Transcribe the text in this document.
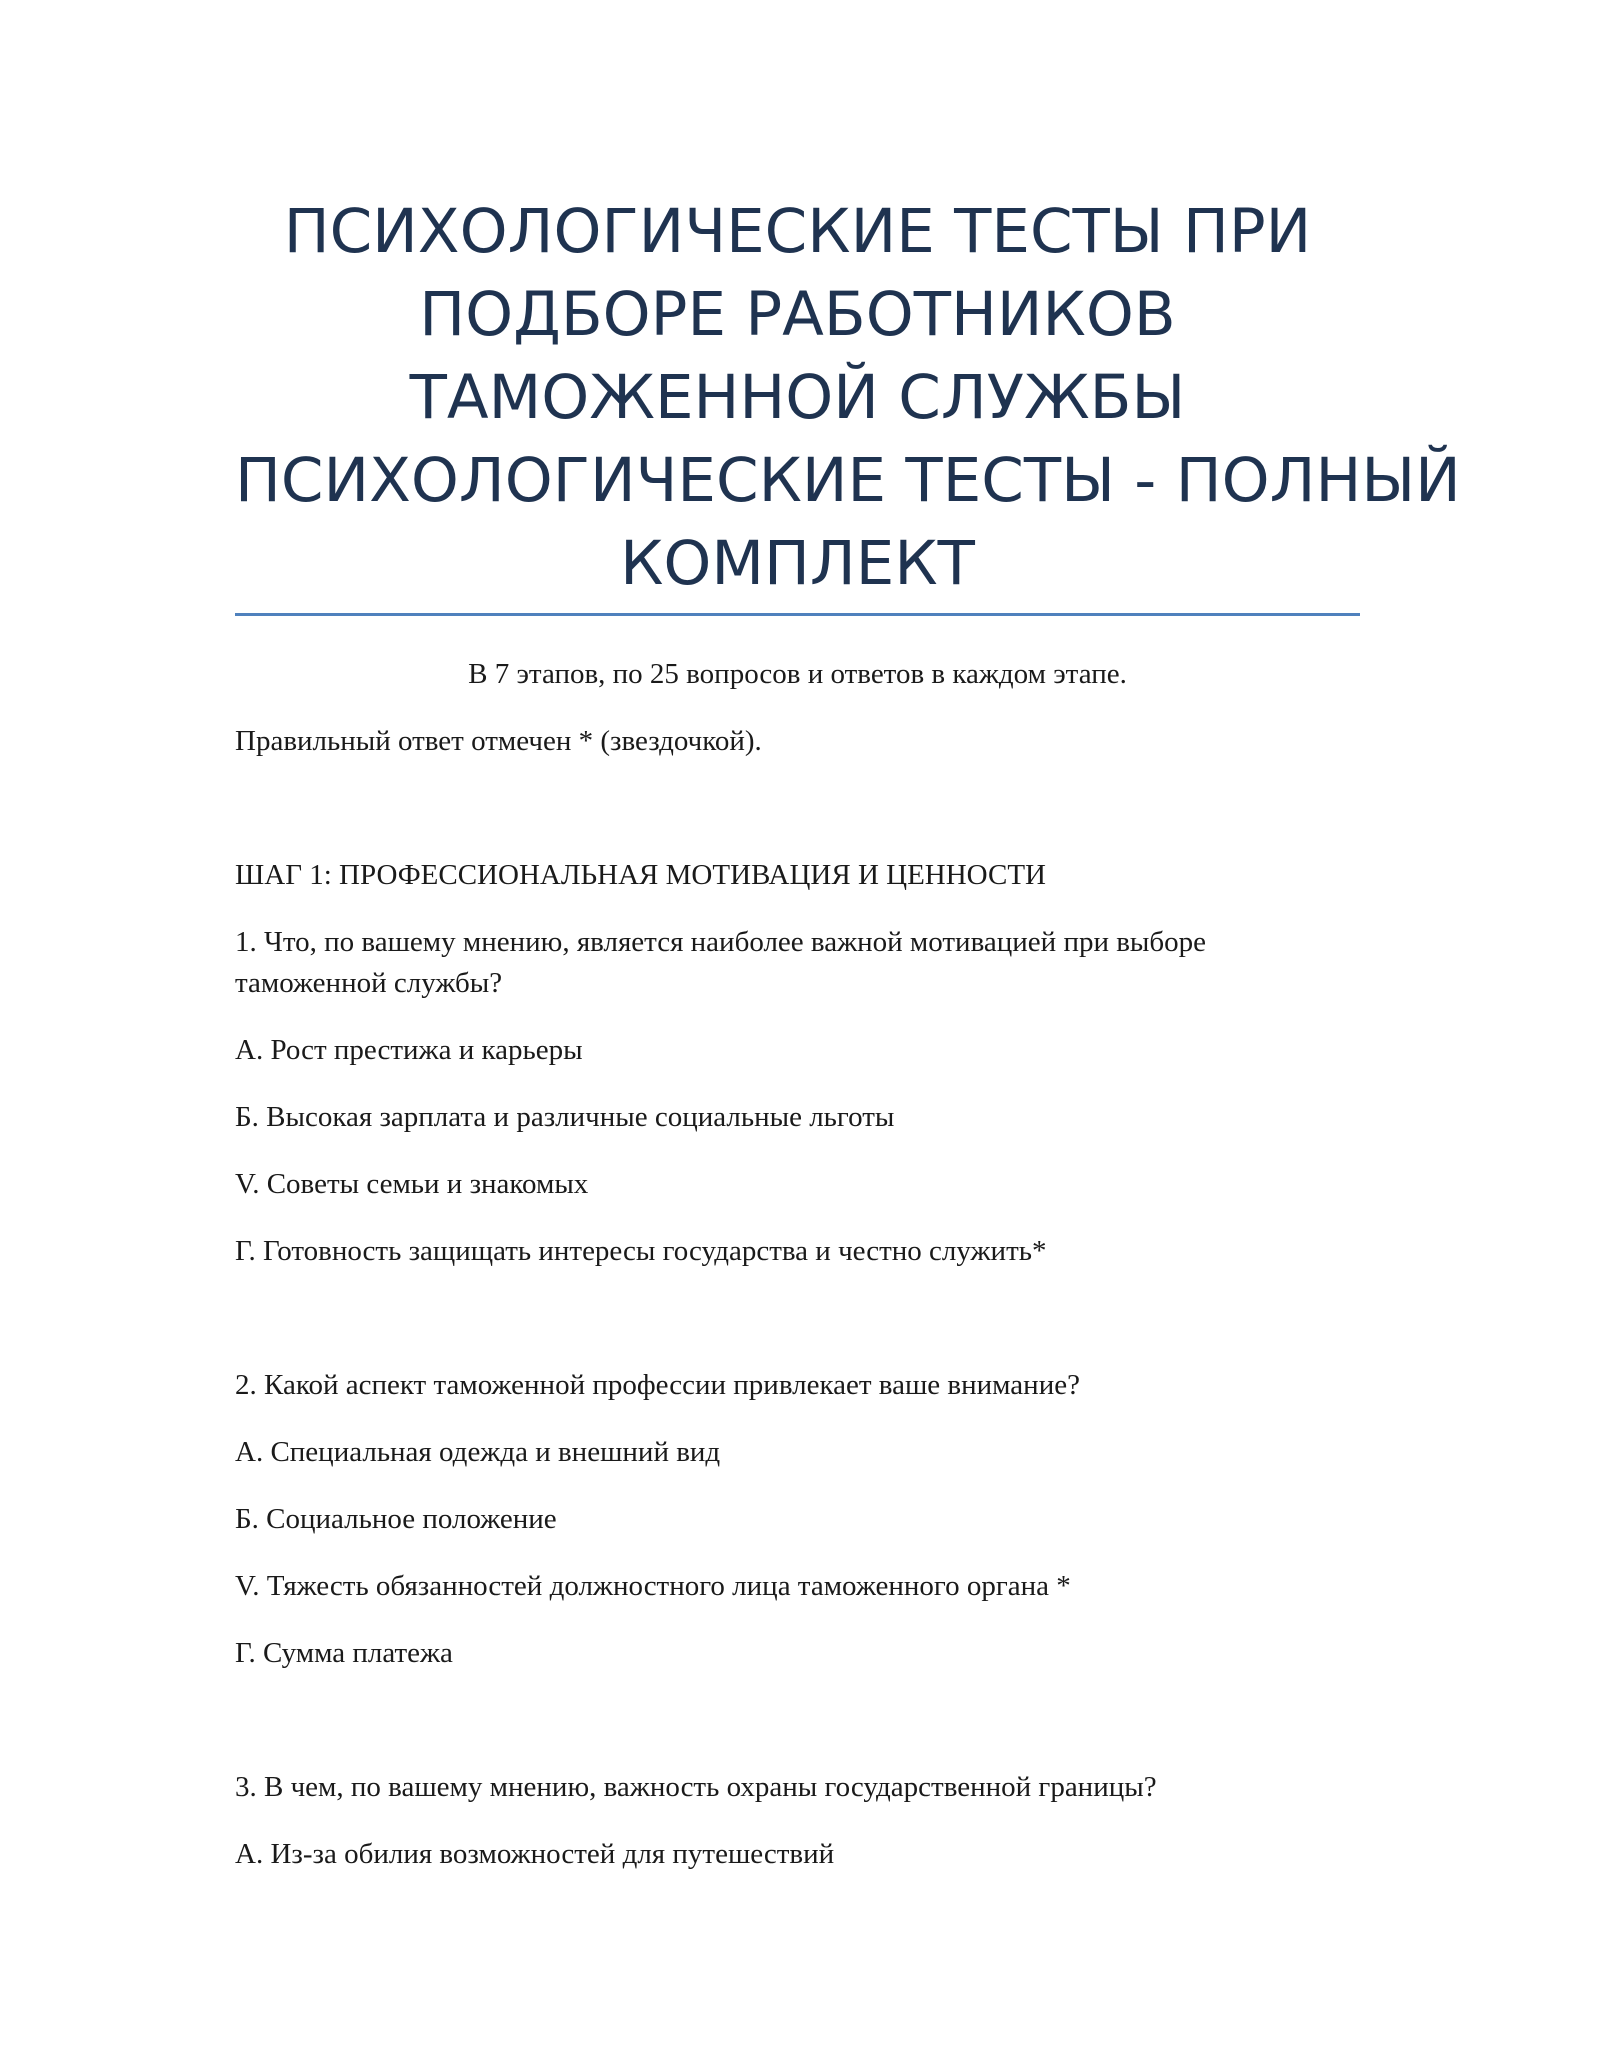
ПСИХОЛОГИЧЕСКИЕ ТЕСТЫ ПРИ
ПОДБОРЕ РАБОТНИКОВ
ТАМОЖЕННОЙ СЛУЖБЫ
ПСИХОЛОГИЧЕСКИЕ ТЕСТЫ - ПОЛНЫЙ
КОМПЛЕКТ

В 7 этапов, по 25 вопросов и ответов в каждом этапе.

Правильный ответ отмечен * (звездочкой).

ШАГ 1: ПРОФЕССИОНАЛЬНАЯ МОТИВАЦИЯ И ЦЕННОСТИ

1. Что, по вашему мнению, является наиболее важной мотивацией при выборе таможенной службы?

А. Рост престижа и карьеры

Б. Высокая зарплата и различные социальные льготы

V. Советы семьи и знакомых

Г. Готовность защищать интересы государства и честно служить*

2. Какой аспект таможенной профессии привлекает ваше внимание?

А. Специальная одежда и внешний вид

Б. Социальное положение

V. Тяжесть обязанностей должностного лица таможенного органа *

Г. Сумма платежа

3. В чем, по вашему мнению, важность охраны государственной границы?

А. Из-за обилия возможностей для путешествий
